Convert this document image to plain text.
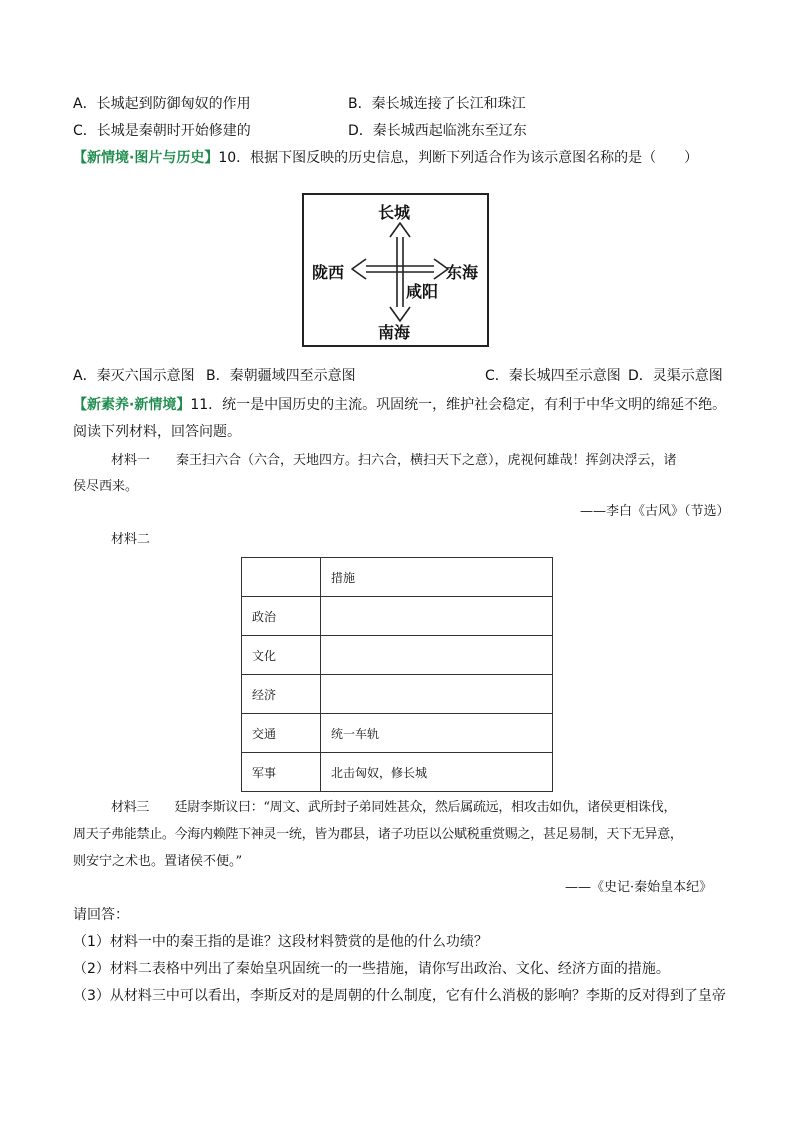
A．长城起到防御匈奴的作用	B．秦长城连接了长江和珠江
C．长城是秦朝时开始修建的	D．秦长城西起临洮东至辽东
【新情境·图片与历史】10．根据下图反映的历史信息，判断下列适合作为该示意图名称的是（　　）
长城
陇西	东海
咸阳
南海
A．秦灭六国示意图 B．秦朝疆域四至示意图	C．秦长城四至示意图 D．灵渠示意图
【新素养·新情境】11．统一是中国历史的主流。巩固统一，维护社会稳定，有利于中华文明的绵延不绝。
阅读下列材料，回答问题。
材料一　　秦王扫六合（六合，天地四方。扫六合，横扫天下之意），虎视何雄哉！挥剑决浮云，诸
侯尽西来。
——李白《古风》（节选）
材料二
	措施
政治	
文化	
经济	
交通	统一车轨
军事	北击匈奴，修长城
材料三　　廷尉李斯议曰：“周文、武所封子弟同姓甚众，然后属疏远，相攻击如仇，诸侯更相诛伐，
周天子弗能禁止。今海内赖陛下神灵一统，皆为郡县，诸子功臣以公赋税重赏赐之，甚足易制，天下无异意，
则安宁之术也。置诸侯不便。”
——《史记·秦始皇本纪》
请回答：
（1）材料一中的秦王指的是谁？这段材料赞赏的是他的什么功绩？
（2）材料二表格中列出了秦始皇巩固统一的一些措施，请你写出政治、文化、经济方面的措施。
（3）从材料三中可以看出，李斯反对的是周朝的什么制度，它有什么消极的影响？李斯的反对得到了皇帝
